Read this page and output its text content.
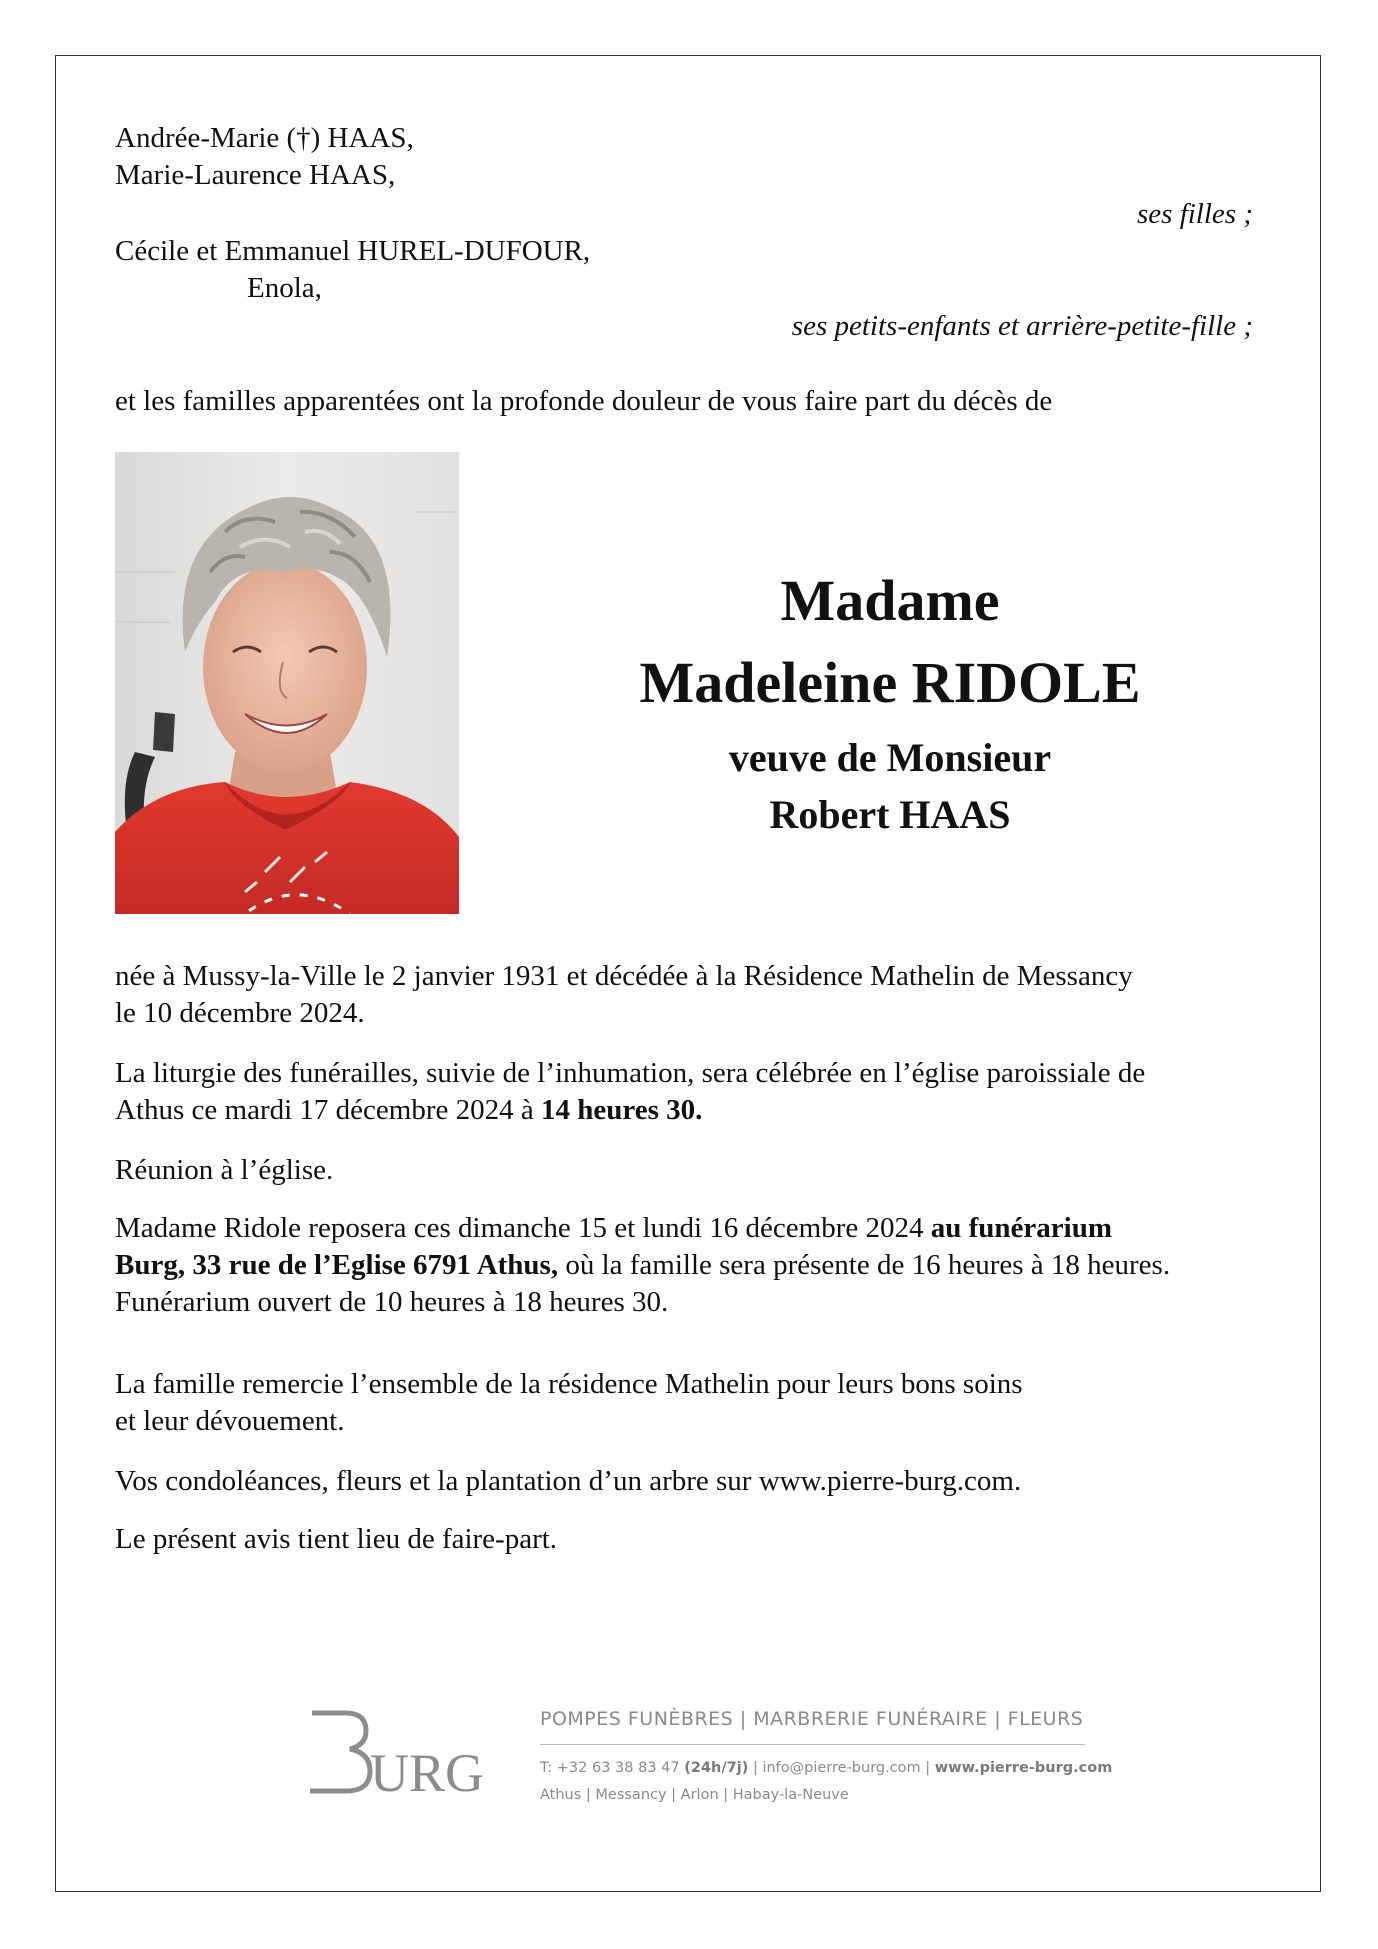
Andrée-Marie (†) HAAS,
Marie-Laurence HAAS,
ses filles ;
Cécile et Emmanuel HUREL-DUFOUR,
Enola,
ses petits-enfants et arrière-petite-fille ;
et les familles apparentées ont la profonde douleur de vous faire part du décès de
Madame
Madeleine RIDOLE
veuve de Monsieur
Robert HAAS
née à Mussy-la-Ville le 2 janvier 1931 et décédée à la Résidence Mathelin de Messancy
le 10 décembre 2024.
La liturgie des funérailles, suivie de l’inhumation, sera célébrée en l’église paroissiale de
Athus ce mardi 17 décembre 2024 à 14 heures 30.
Réunion à l’église.
Madame Ridole reposera ces dimanche 15 et lundi 16 décembre 2024 au funérarium
Burg, 33 rue de l’Eglise 6791 Athus, où la famille sera présente de 16 heures à 18 heures.
Funérarium ouvert de 10 heures à 18 heures 30.
La famille remercie l’ensemble de la résidence Mathelin pour leurs bons soins
et leur dévouement.
Vos condoléances, fleurs et la plantation d’un arbre sur www.pierre-burg.com.
Le présent avis tient lieu de faire-part.
URG
POMPES FUNÈBRES | MARBRERIE FUNÉRAIRE | FLEURS
T: +32 63 38 83 47 (24h/7j) | info@pierre-burg.com | www.pierre-burg.com
Athus | Messancy | Arlon | Habay-la-Neuve
